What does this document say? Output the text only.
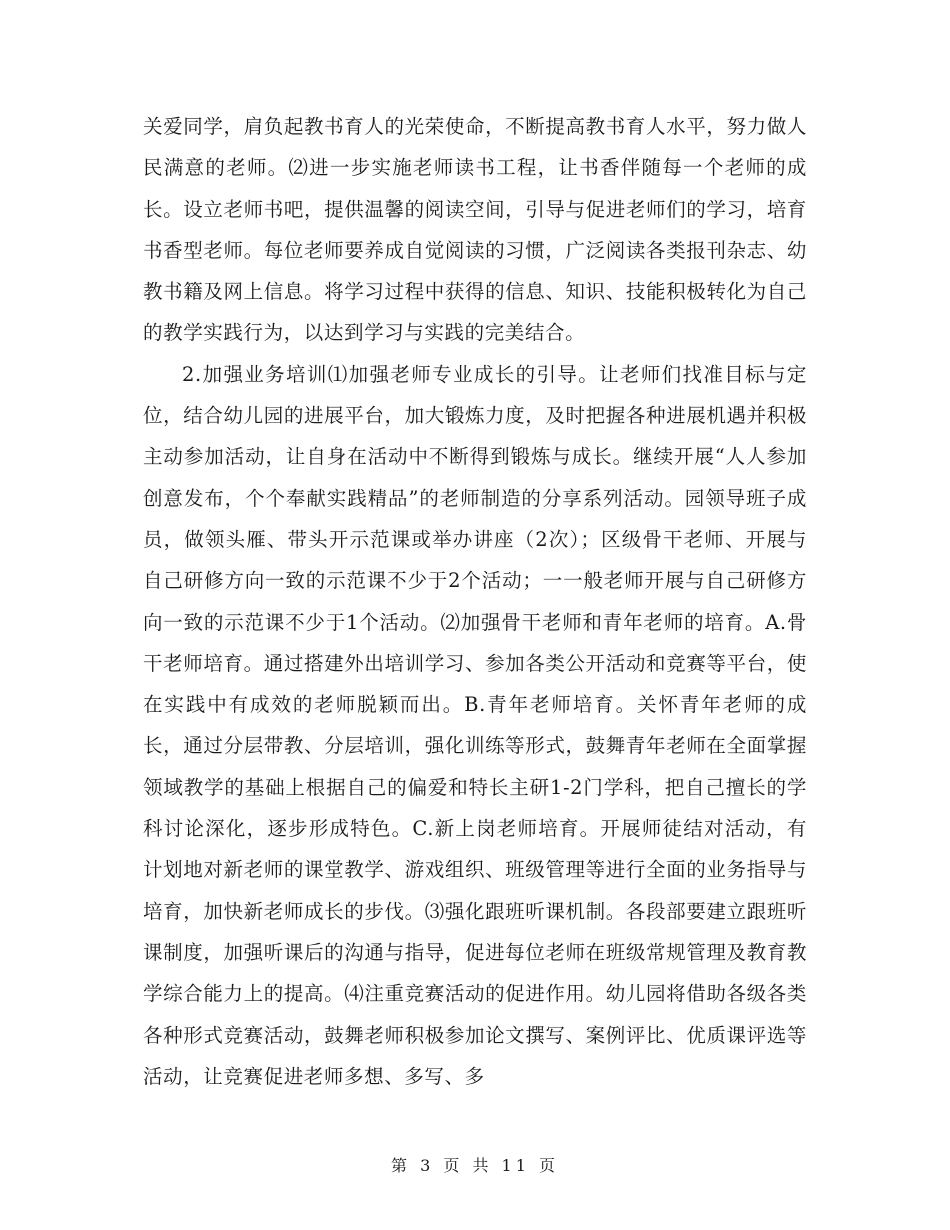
关爱同学，肩负起教书育人的光荣使命，不断提高教书育人水平，努力做人民满意的老师。⑵进一步实施老师读书工程，让书香伴随每一个老师的成长。设立老师书吧，提供温馨的阅读空间，引导与促进老师们的学习，培育书香型老师。每位老师要养成自觉阅读的习惯，广泛阅读各类报刊杂志、幼教书籍及网上信息。将学习过程中获得的信息、知识、技能积极转化为自己的教学实践行为，以达到学习与实践的完美结合。

2.加强业务培训⑴加强老师专业成长的引导。让老师们找准目标与定位，结合幼儿园的进展平台，加大锻炼力度，及时把握各种进展机遇并积极主动参加活动，让自身在活动中不断得到锻炼与成长。继续开展“人人参加创意发布，个个奉献实践精品”的老师制造的分享系列活动。园领导班子成员，做领头雁、带头开示范课或举办讲座（2次）；区级骨干老师、开展与自己研修方向一致的示范课不少于2个活动；一一般老师开展与自己研修方向一致的示范课不少于1个活动。⑵加强骨干老师和青年老师的培育。A.骨干老师培育。通过搭建外出培训学习、参加各类公开活动和竞赛等平台，使在实践中有成效的老师脱颖而出。B.青年老师培育。关怀青年老师的成长，通过分层带教、分层培训，强化训练等形式，鼓舞青年老师在全面掌握领域教学的基础上根据自己的偏爱和特长主研1-2门学科，把自己擅长的学科讨论深化，逐步形成特色。C.新上岗老师培育。开展师徒结对活动，有计划地对新老师的课堂教学、游戏组织、班级管理等进行全面的业务指导与培育，加快新老师成长的步伐。⑶强化跟班听课机制。各段部要建立跟班听课制度，加强听课后的沟通与指导，促进每位老师在班级常规管理及教育教学综合能力上的提高。⑷注重竞赛活动的促进作用。幼儿园将借助各级各类各种形式竞赛活动，鼓舞老师积极参加论文撰写、案例评比、优质课评选等活动，让竞赛促进老师多想、多写、多

第 3 页 共 11 页
